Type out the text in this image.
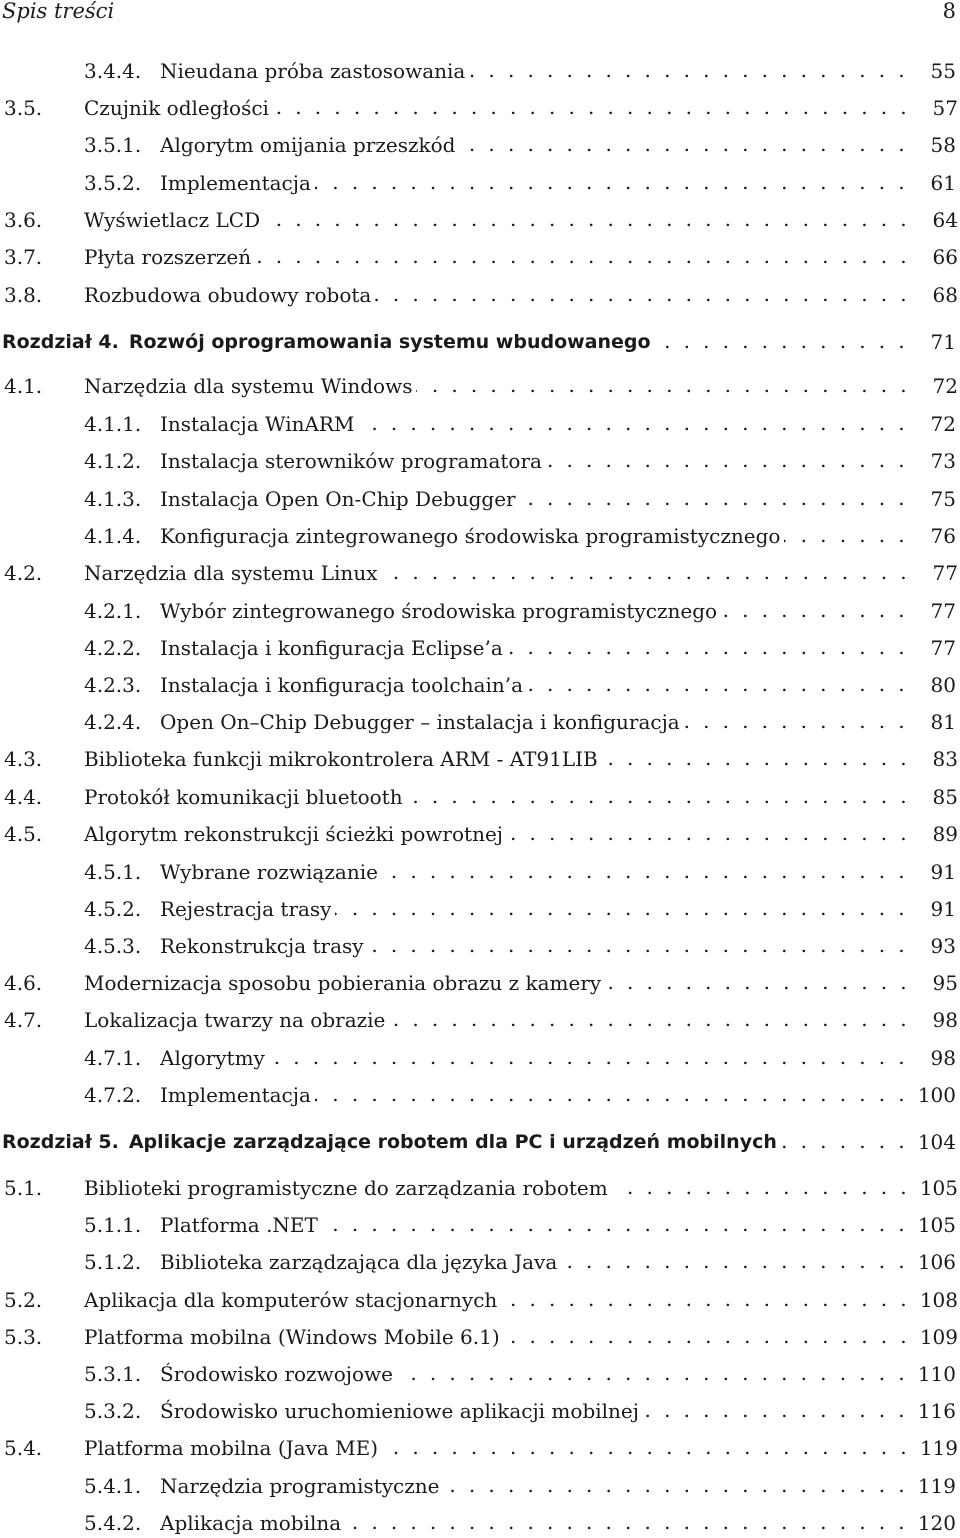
Spis treści	8
3.4.4. Nieudana próba zastosowania . . .	55
3.5.	Czujnik odległości . . .	57
3.5.1. Algorytm omijania przeszkód . . .	58
3.5.2. Implementacja . . .	61
3.6.	Wyświetlacz LCD . . .	64
3.7.	Płyta rozszerzeń . . .	66
3.8.	Rozbudowa obudowy robota . . .	68
Rozdział 4. Rozwój oprogramowania systemu wbudowanego . . .	71
4.1.	Narzędzia dla systemu Windows . . .	72
4.1.1. Instalacja WinARM . . .	72
4.1.2. Instalacja sterowników programatora . . .	73
4.1.3. Instalacja Open On-Chip Debugger . . .	75
4.1.4. Konfiguracja zintegrowanego środowiska programistycznego . . .	76
4.2.	Narzędzia dla systemu Linux . . .	77
4.2.1. Wybór zintegrowanego środowiska programistycznego . . .	77
4.2.2. Instalacja i konfiguracja Eclipse’a . . .	77
4.2.3. Instalacja i konfiguracja toolchain’a . . .	80
4.2.4. Open On–Chip Debugger – instalacja i konfiguracja . . .	81
4.3.	Biblioteka funkcji mikrokontrolera ARM - AT91LIB . . .	83
4.4.	Protokół komunikacji bluetooth . . .	85
4.5.	Algorytm rekonstrukcji ścieżki powrotnej . . .	89
4.5.1. Wybrane rozwiązanie . . .	91
4.5.2. Rejestracja trasy . . .	91
4.5.3. Rekonstrukcja trasy . . .	93
4.6.	Modernizacja sposobu pobierania obrazu z kamery . . .	95
4.7.	Lokalizacja twarzy na obrazie . . .	98
4.7.1. Algorytmy . . .	98
4.7.2. Implementacja . . .	100
Rozdział 5. Aplikacje zarządzające robotem dla PC i urządzeń mobilnych . . .	104
5.1.	Biblioteki programistyczne do zarządzania robotem . . .	105
5.1.1. Platforma .NET . . .	105
5.1.2. Biblioteka zarządzająca dla języka Java . . .	106
5.2.	Aplikacja dla komputerów stacjonarnych . . .	108
5.3.	Platforma mobilna (Windows Mobile 6.1) . . .	109
5.3.1. Środowisko rozwojowe . . .	110
5.3.2. Środowisko uruchomieniowe aplikacji mobilnej . . .	116
5.4.	Platforma mobilna (Java ME) . . .	119
5.4.1. Narzędzia programistyczne . . .	119
5.4.2. Aplikacja mobilna . . .	120
